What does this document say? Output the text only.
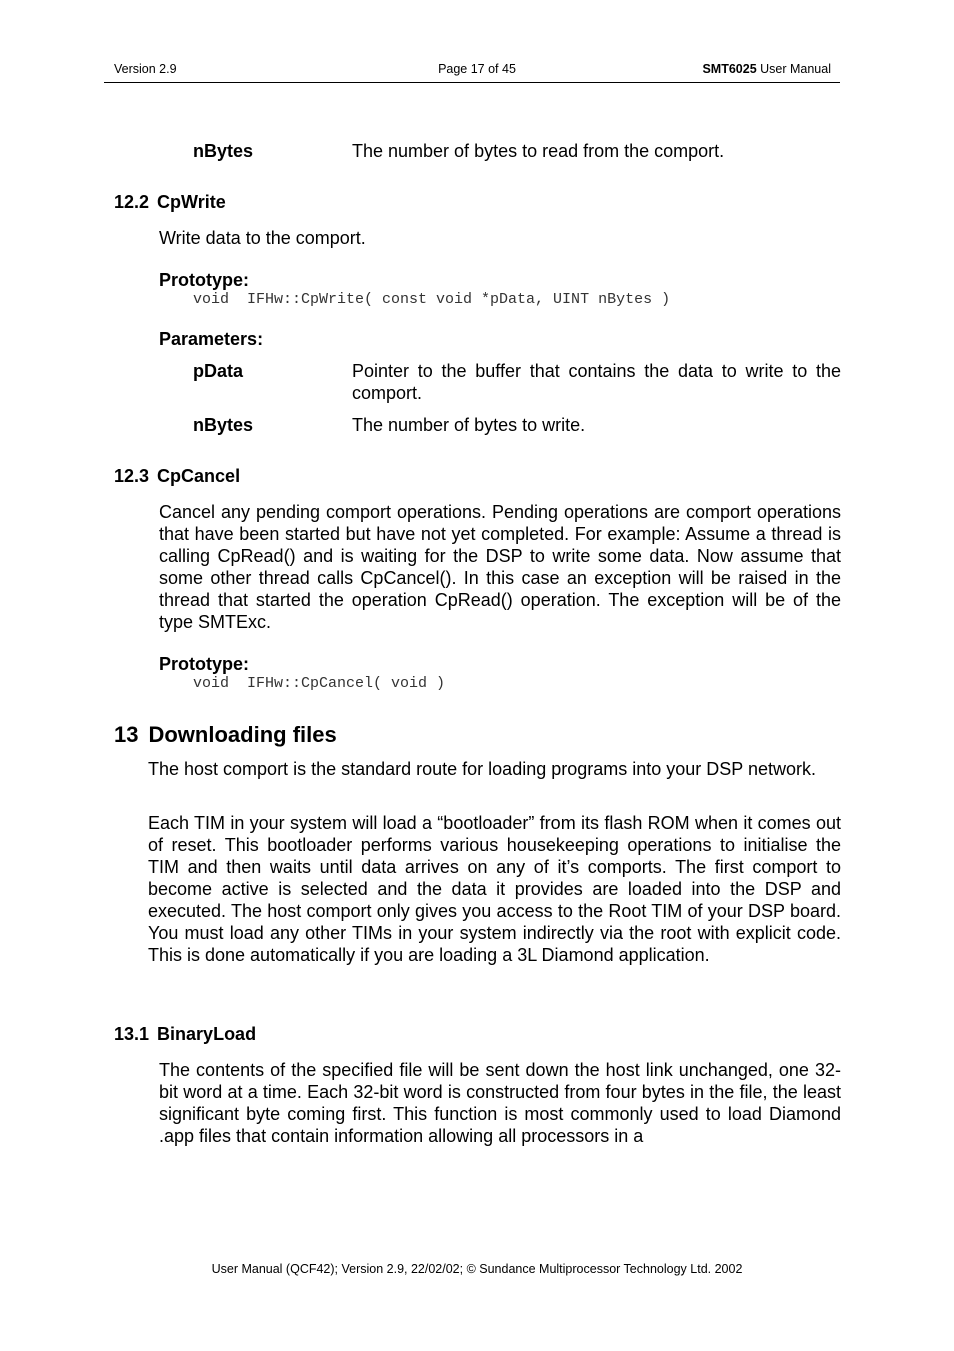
Version 2.9	Page 17 of 45	SMT6025 User Manual
nBytes	The number of bytes to read from the comport.
12.2 CpWrite
Write data to the comport.
Prototype:
void  IFHw::CpWrite( const void *pData, UINT nBytes )
Parameters:
pData	Pointer to the buffer that contains the data to write to the comport.
nBytes	The number of bytes to write.
12.3 CpCancel
Cancel any pending comport operations. Pending operations are comport operations that have been started but have not yet completed. For example: Assume a thread is calling CpRead() and is waiting for the DSP to write some data. Now assume that some other thread calls CpCancel(). In this case an exception will be raised in the thread that started the operation CpRead() operation. The exception will be of the type SMTExc.
Prototype:
void  IFHw::CpCancel( void )
13 Downloading files
The host comport is the standard route for loading programs into your DSP network.
Each TIM in your system will load a “bootloader” from its flash ROM when it comes out of reset. This bootloader performs various housekeeping operations to initialise the TIM and then waits until data arrives on any of it’s comports. The first comport to become active is selected and the data it provides are loaded into the DSP and executed. The host comport only gives you access to the Root TIM of your DSP board. You must load any other TIMs in your system indirectly via the root with explicit code. This is done automatically if you are loading a 3L Diamond application.
13.1 BinaryLoad
The contents of the specified file will be sent down the host link unchanged, one 32-bit word at a time. Each 32-bit word is constructed from four bytes in the file, the least significant byte coming first. This function is most commonly used to load Diamond .app files that contain information allowing all processors in a
User Manual (QCF42); Version 2.9, 22/02/02; © Sundance Multiprocessor Technology Ltd. 2002
